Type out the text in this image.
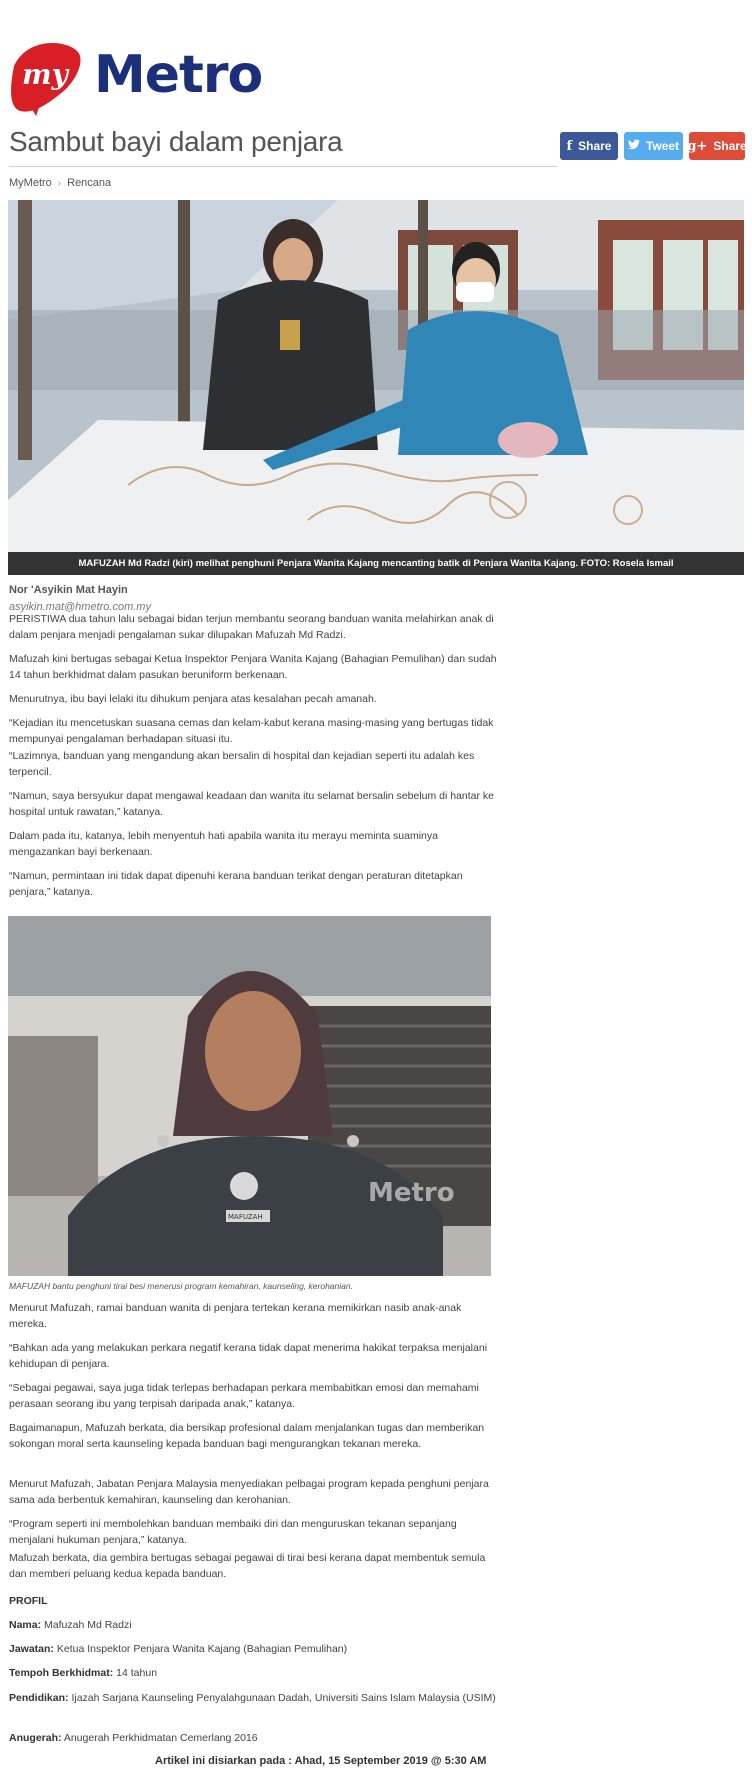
my Metro
Sambut bayi dalam penjara	f Share	Tweet g+ Share
MyMetro › Rencana
MAFUZAH Md Radzi (kiri) melihat penghuni Penjara Wanita Kajang mencanting batik di Penjara Wanita Kajang. FOTO: Rosela Ismail
Nor 'Asyikin Mat Hayin
asyikin.mat@hmetro.com.my

PERISTIWA dua tahun lalu sebagai bidan terjun membantu seorang banduan wanita melahirkan anak di dalam penjara menjadi pengalaman sukar dilupakan Mafuzah Md Radzi.

Mafuzah kini bertugas sebagai Ketua Inspektor Penjara Wanita Kajang (Bahagian Pemulihan) dan sudah 14 tahun berkhidmat dalam pasukan beruniform berkenaan.

Menurutnya, ibu bayi lelaki itu dihukum penjara atas kesalahan pecah amanah.

“Kejadian itu mencetuskan suasana cemas dan kelam-kabut kerana masing-masing yang bertugas tidak mempunyai pengalaman berhadapan situasi itu.

“Lazimnya, banduan yang mengandung akan bersalin di hospital dan kejadian seperti itu adalah kes terpencil.

“Namun, saya bersyukur dapat mengawal keadaan dan wanita itu selamat bersalin sebelum di hantar ke hospital untuk rawatan,” katanya.

Dalam pada itu, katanya, lebih menyentuh hati apabila wanita itu merayu meminta suaminya mengazankan bayi berkenaan.

“Namun, permintaan ini tidak dapat dipenuhi kerana banduan terikat dengan peraturan ditetapkan penjara,” katanya.

MAFUZAH
Metro
MAFUZAH bantu penghuni tirai besi menerusi program kemahiran, kaunseling, kerohanian.

Menurut Mafuzah, ramai banduan wanita di penjara tertekan kerana memikirkan nasib anak-anak mereka.

“Bahkan ada yang melakukan perkara negatif kerana tidak dapat menerima hakikat terpaksa menjalani kehidupan di penjara.

“Sebagai pegawai, saya juga tidak terlepas berhadapan perkara membabitkan emosi dan memahami perasaan seorang ibu yang terpisah daripada anak,” katanya.

Bagaimanapun, Mafuzah berkata, dia bersikap profesional dalam menjalankan tugas dan memberikan sokongan moral serta kaunseling kepada banduan bagi mengurangkan tekanan mereka.

Menurut Mafuzah, Jabatan Penjara Malaysia menyediakan pelbagai program kepada penghuni penjara sama ada berbentuk kemahiran, kaunseling dan kerohanian.

“Program seperti ini membolehkan banduan membaiki diri dan menguruskan tekanan sepanjang menjalani hukuman penjara,” katanya.

Mafuzah berkata, dia gembira bertugas sebagai pegawai di tirai besi kerana dapat membentuk semula dan memberi peluang kedua kepada banduan.

PROFIL
Nama: Mafuzah Md Radzi
Jawatan: Ketua Inspektor Penjara Wanita Kajang (Bahagian Pemulihan)
Tempoh Berkhidmat: 14 tahun
Pendidikan: Ijazah Sarjana Kaunseling Penyalahgunaan Dadah, Universiti Sains Islam Malaysia (USIM)
Anugerah: Anugerah Perkhidmatan Cemerlang 2016
Artikel ini disiarkan pada : Ahad, 15 September 2019 @ 5:30 AM
